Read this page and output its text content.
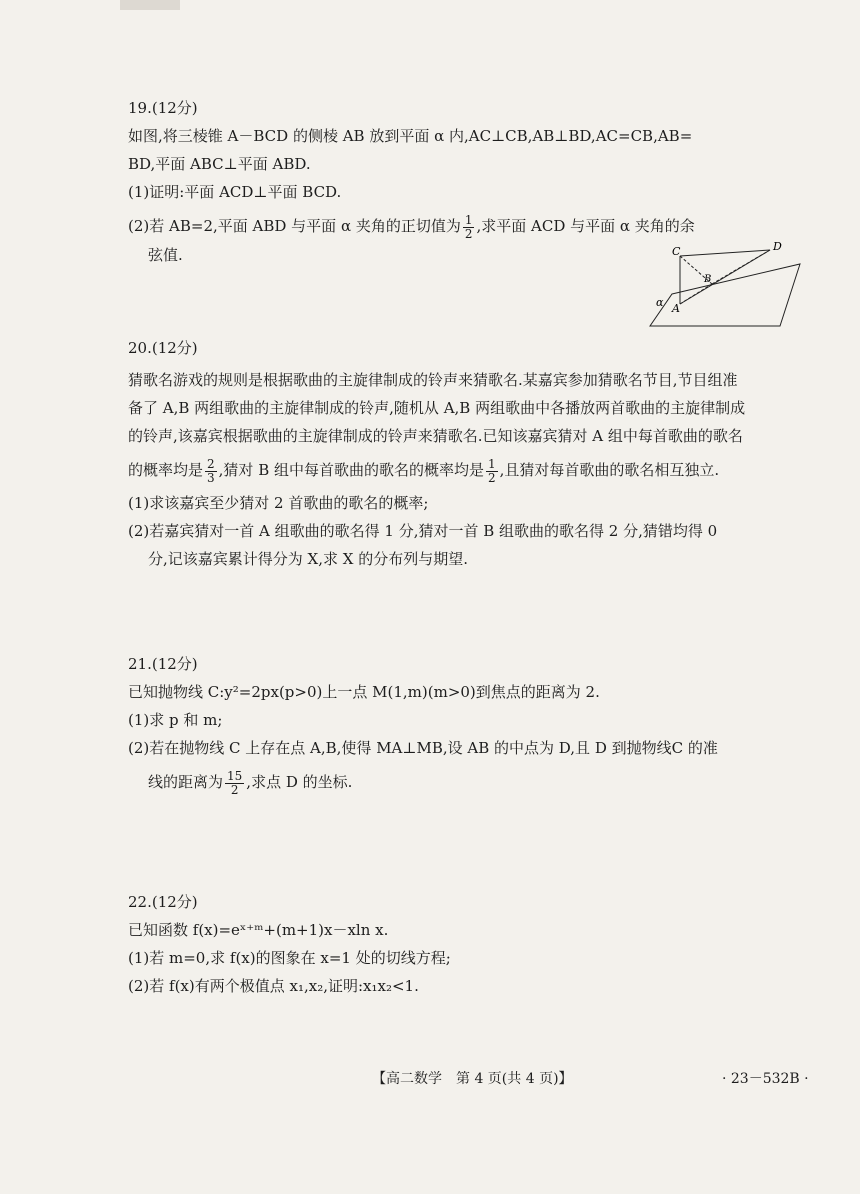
19.(12分)
如图,将三棱锥 A－BCD 的侧棱 AB 放到平面 α 内,AC⊥CB,AB⊥BD,AC=CB,AB=
BD,平面 ABC⊥平面 ABD.
(1)证明:平面 ACD⊥平面 BCD.
(2)若 AB=2,平面 ABD 与平面 α 夹角的正切值为 $\frac{1}{2}$ ,求平面 ACD 与平面 α 夹角的余
弦值.	C	D
B
A
α
20.(12分)
猜歌名游戏的规则是根据歌曲的主旋律制成的铃声来猜歌名.某嘉宾参加猜歌名节目,节目组准
备了 A,B 两组歌曲的主旋律制成的铃声,随机从 A,B 两组歌曲中各播放两首歌曲的主旋律制成
的铃声,该嘉宾根据歌曲的主旋律制成的铃声来猜歌名.已知该嘉宾猜对 A 组中每首歌曲的歌名
的概率均是 $\frac{2}{3}$ ,猜对 B 组中每首歌曲的歌名的概率均是 $\frac{1}{2}$ ,且猜对每首歌曲的歌名相互独立.
(1)求该嘉宾至少猜对 2 首歌曲的歌名的概率;
(2)若嘉宾猜对一首 A 组歌曲的歌名得 1 分,猜对一首 B 组歌曲的歌名得 2 分,猜错均得 0
分,记该嘉宾累计得分为 X,求 X 的分布列与期望.
21.(12分)
已知抛物线 C:y²=2px(p>0)上一点 M(1,m)(m>0)到焦点的距离为 2.
(1)求 p 和 m;
(2)若在抛物线 C 上存在点 A,B,使得 MA⊥MB,设 AB 的中点为 D,且 D 到抛物线C 的准
线的距离为 $\frac{15}{2}$ ,求点 D 的坐标.
22.(12分)
已知函数 f(x)=eˣ⁺ᵐ+(m+1)x－xln x.
(1)若 m=0,求 f(x)的图象在 x=1 处的切线方程;
(2)若 f(x)有两个极值点 x₁,x₂,证明:x₁x₂<1.
【高二数学　第 4 页(共 4 页)】	· 23－532B ·
